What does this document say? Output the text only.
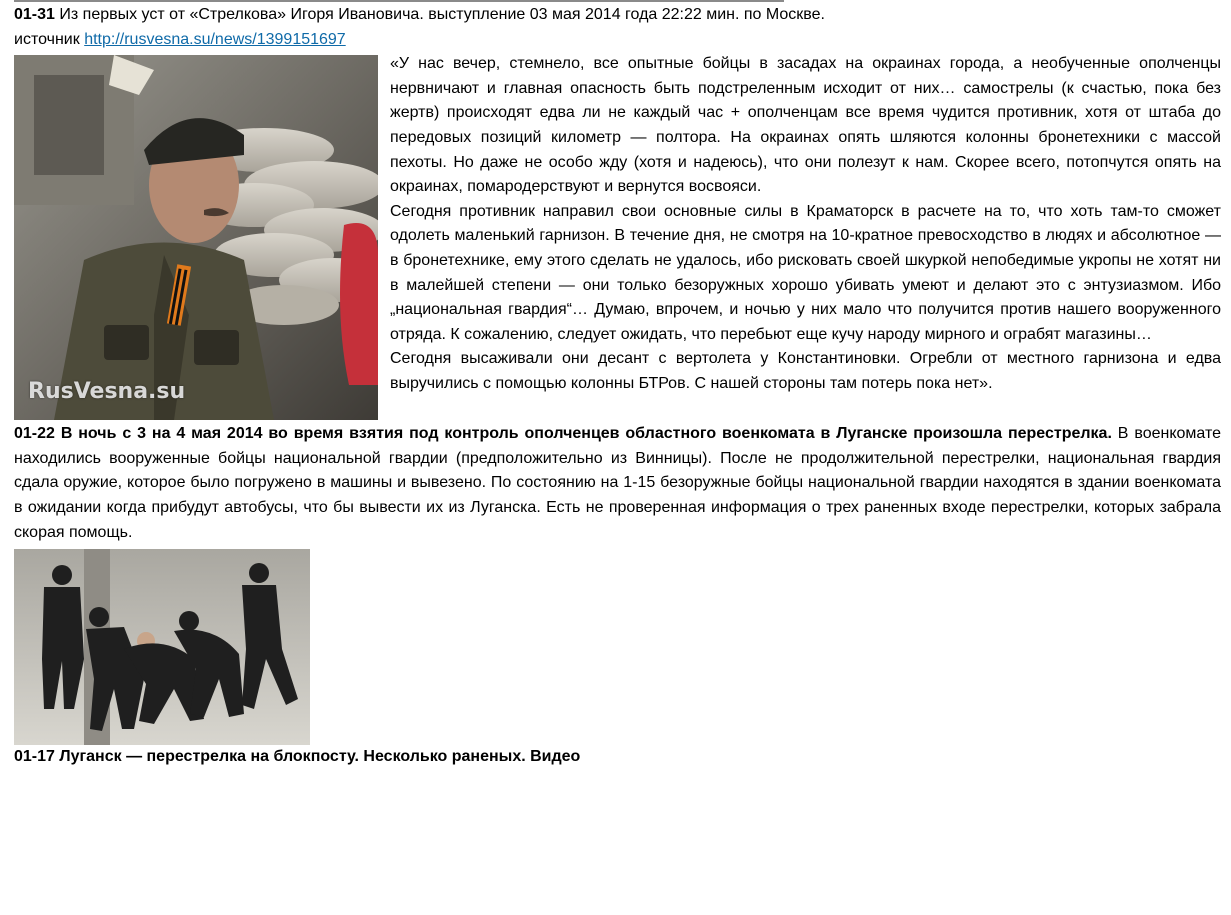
01-31 Из первых уст от «Стрелкова» Игоря Ивановича. выступление 03 мая 2014 года 22:22 мин. по Москве.

источник http://rusvesna.su/news/1399151697

RusVesna.su

«У нас вечер, стемнело, все опытные бойцы в засадах на окраинах города, а необученные ополченцы нервничают и главная опасность быть подстреленным исходит от них… самострелы (к счастью, пока без жертв) происходят едва ли не каждый час + ополченцам все время чудится противник, хотя от штаба до передовых позиций километр — полтора. На окраинах опять шляются колонны бронетехники с массой пехоты. Но даже не особо жду (хотя и надеюсь), что они полезут к нам. Скорее всего, потопчутся опять на окраинах, помародерствуют и вернутся восвояси.

Сегодня противник направил свои основные силы в Краматорск в расчете на то, что хоть там-то сможет одолеть маленький гарнизон. В течение дня, не смотря на 10-кратное превосходство в людях и абсолютное — в бронетехнике, ему этого сделать не удалось, ибо рисковать своей шкуркой непобедимые укропы не хотят ни в малейшей степени — они только безоружных хорошо убивать умеют и делают это с энтузиазмом. Ибо „национальная гвардия“… Думаю, впрочем, и ночью у них мало что получится против нашего вооруженного отряда. К сожалению, следует ожидать, что перебьют еще кучу народу мирного и ограбят магазины…

Сегодня высаживали они десант с вертолета у Константиновки. Огребли от местного гарнизона и едва выручились с помощью колонны БТРов. С нашей стороны там потерь пока нет».

01-22 В ночь с 3 на 4 мая 2014 во время взятия под контроль ополченцев областного военкомата в Луганске произошла перестрелка. В военкомате находились вооруженные бойцы национальной гвардии (предположительно из Винницы). После не продолжительной перестрелки, национальная гвардия сдала оружие, которое было погружено в машины и вывезено. По состоянию на 1-15 безоружные бойцы национальной гвардии находятся в здании военкомата в ожидании когда прибудут автобусы, что бы вывести их из Луганска. Есть не проверенная информация о трех раненных входе перестрелки, которых забрала скорая помощь.

01-17 Луганск — перестрелка на блокпосту. Несколько раненых. Видео
